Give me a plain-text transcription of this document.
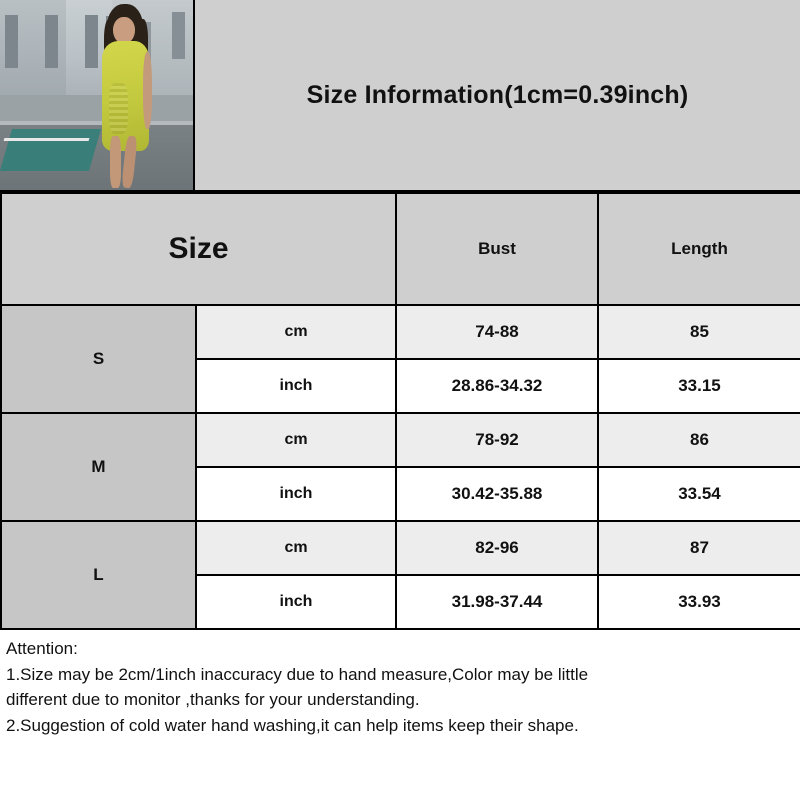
Size Information(1cm=0.39inch)
Size		Bust	Length
S	cm	74-88	85
	inch	28.86-34.32	33.15
M	cm	78-92	86
	inch	30.42-35.88	33.54
L	cm	82-96	87
	inch	31.98-37.44	33.93
Attention:
1.Size may be 2cm/1inch inaccuracy due to hand measure,Color may be little
different due to monitor ,thanks for your understanding.
2.Suggestion of cold water hand washing,it can help items keep their shape.
